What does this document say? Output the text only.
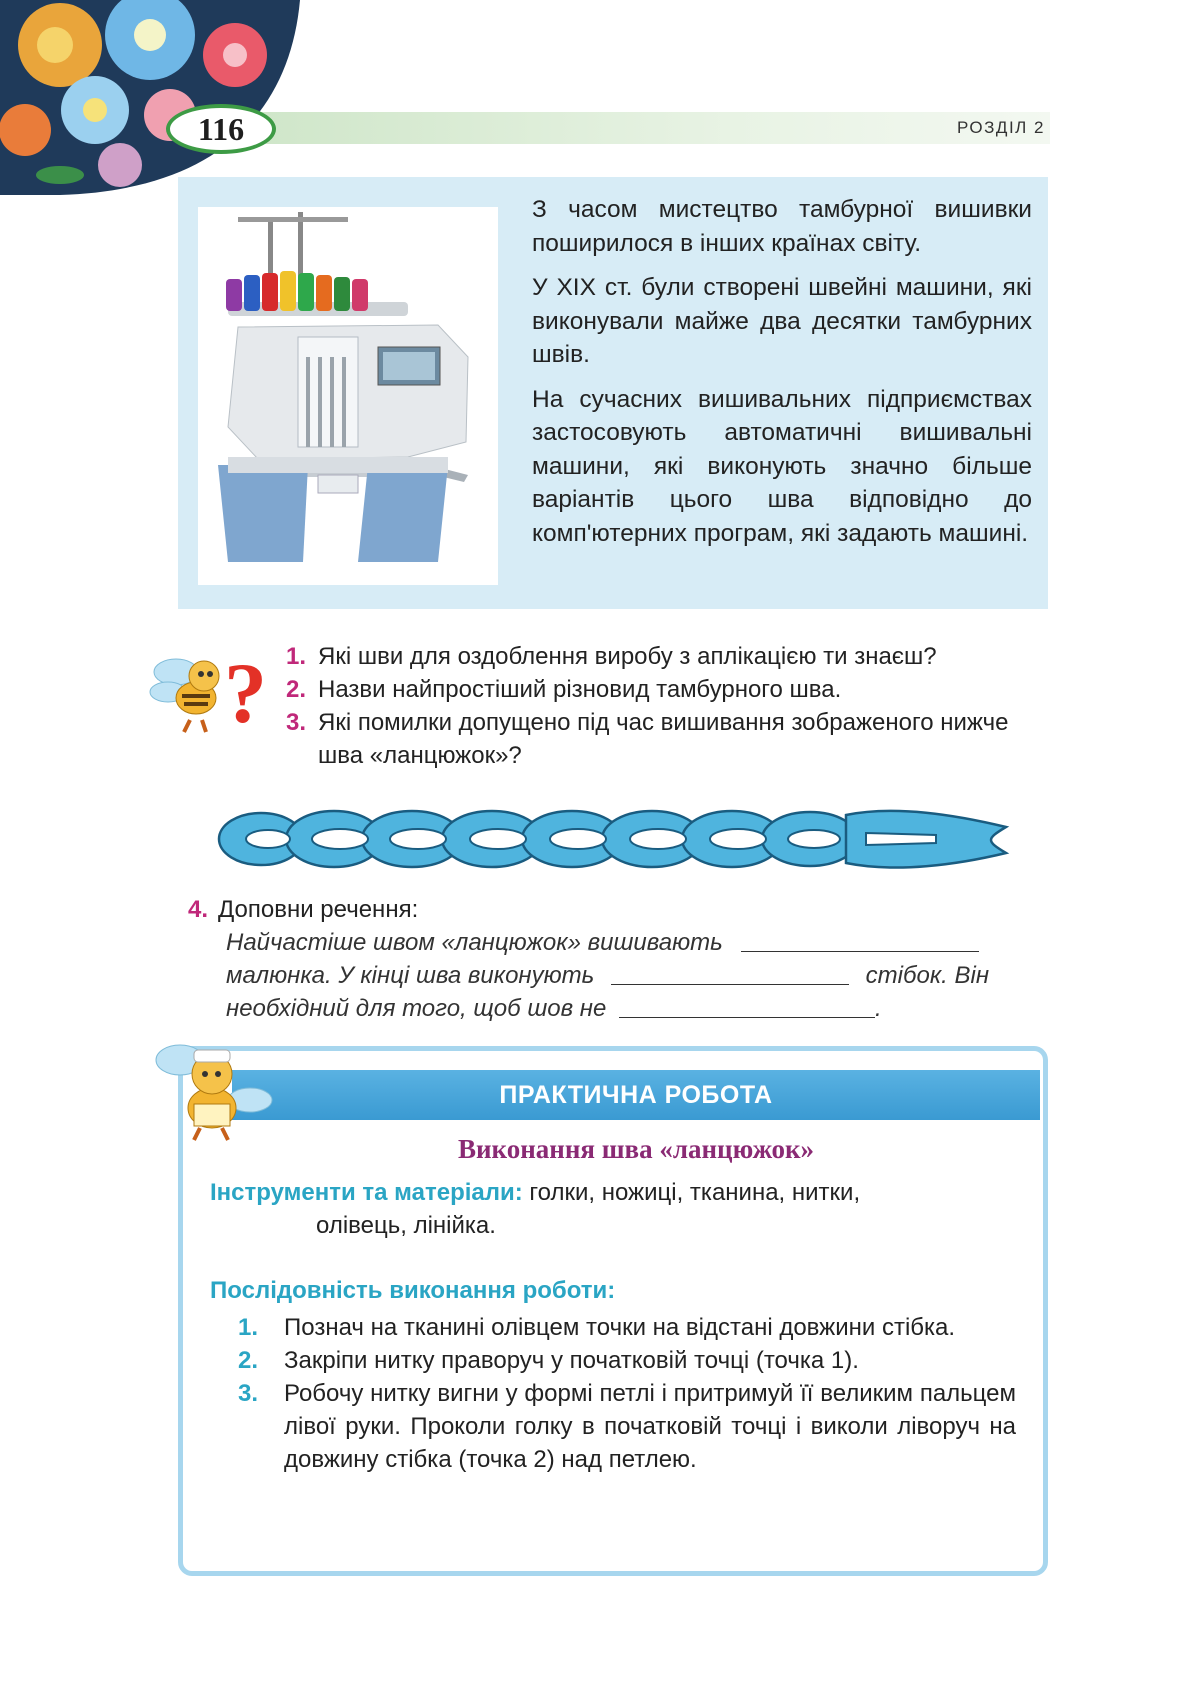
116	РОЗДІЛ 2

З часом мистецтво тамбурної вишивки поширилося в інших країнах світу.

У XIX ст. були створені швейні машини, які виконували майже два десятки тамбурних швів.

На сучасних вишивальних підприємствах застосовують автоматичні вишивальні машини, які виконують значно більше варіантів цього шва відповідно до комп'ютерних програм, які задають машині.

? 1. Які шви для оздоблення виробу з аплікацією ти знаєш?
2. Назви найпростіший різновид тамбурного шва.
3. Які помилки допущено під час вишивання зображеного нижче шва «ланцюжок»?
4. Доповни речення:
Найчастіше швом «ланцюжок» вишивають
малюнка. У кінці шва виконують	стібок. Він
необхідний для того, щоб шов не	.
ПРАКТИЧНА РОБОТА
Виконання шва «ланцюжок»
Інструменти та матеріали: голки, ножиці, тканина, нитки,
олівець, лінійка.
Послідовність виконання роботи:
1. Познач на тканині олівцем точки на відстані довжини стібка.
2. Закріпи нитку праворуч у початковій точці (точка 1).
3. Робочу нитку вигни у формі петлі і притримуй її великим пальцем лівої руки. Проколи голку в початковій точці і виколи ліворуч на довжину стібка (точка 2) над петлею.
